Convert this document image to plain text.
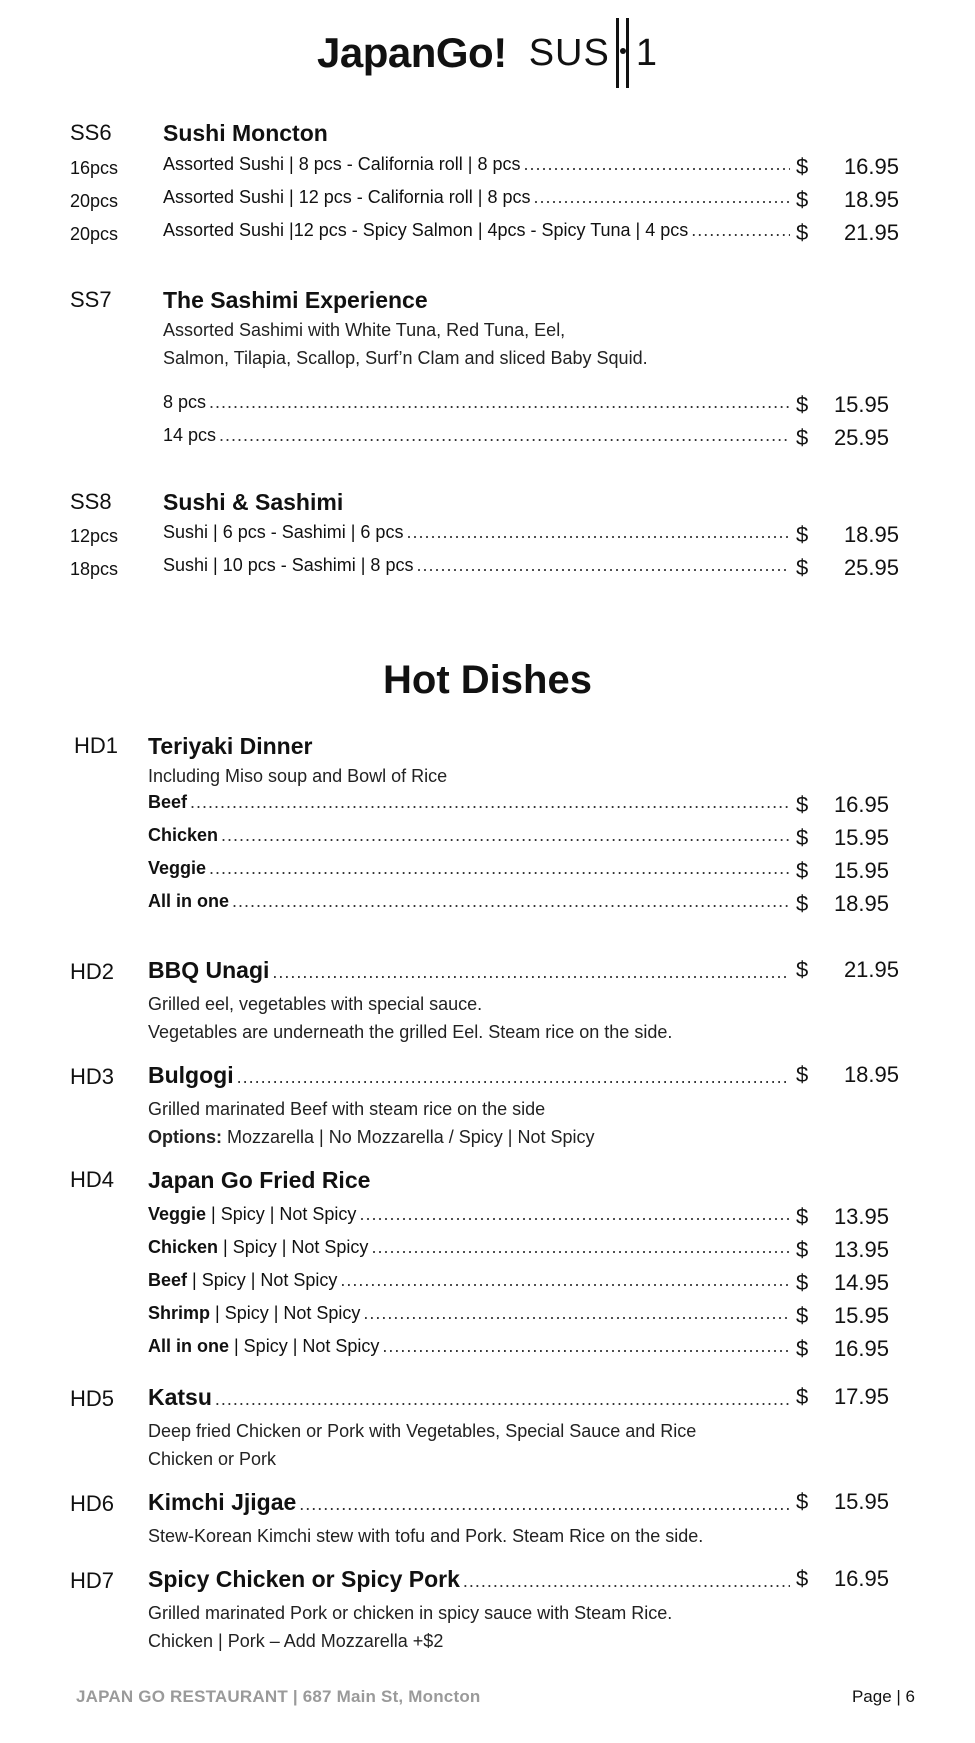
JapanGo! SUS 1
SS6 Sushi Moncton
16pcs Assorted Sushi | 8 pcs - California roll | 8 pcs .....	$	16.95
20pcs Assorted Sushi | 12 pcs - California roll | 8 pcs .....	$	18.95
20pcs Assorted Sushi |12 pcs - Spicy Salmon | 4pcs - Spicy Tuna | 4 pcs .....	$	21.95
SS7 The Sashimi Experience
Assorted Sashimi with White Tuna, Red Tuna, Eel,
Salmon, Tilapia, Scallop, Surf’n Clam and sliced Baby Squid.
8 pcs .....	$	15.95
14 pcs .....	$	25.95
SS8 Sushi & Sashimi
12pcs Sushi | 6 pcs - Sashimi | 6 pcs .....	$	18.95
18pcs Sushi | 10 pcs - Sashimi | 8 pcs .....	$	25.95
Hot Dishes
HD1 Teriyaki Dinner
Including Miso soup and Bowl of Rice
Beef .....	$	16.95
Chicken .....	$	15.95
Veggie .....	$	15.95
All in one .....	$	18.95
HD2 BBQ Unagi .....	$	21.95
Grilled eel, vegetables with special sauce.
Vegetables are underneath the grilled Eel. Steam rice on the side.
HD3 Bulgogi .....	$	18.95
Grilled marinated Beef with steam rice on the side
Options: Mozzarella | No Mozzarella / Spicy | Not Spicy
HD4 Japan Go Fried Rice
Veggie | Spicy | Not Spicy .....	$	13.95
Chicken | Spicy | Not Spicy .....	$	13.95
Beef | Spicy | Not Spicy .....	$	14.95
Shrimp | Spicy | Not Spicy .....	$	15.95
All in one | Spicy | Not Spicy .....	$	16.95
HD5 Katsu .....	$	17.95
Deep fried Chicken or Pork with Vegetables, Special Sauce and Rice
Chicken or Pork
HD6 Kimchi Jjigae .....	$	15.95
Stew-Korean Kimchi stew with tofu and Pork. Steam Rice on the side.
HD7 Spicy Chicken or Spicy Pork .....	$	16.95
Grilled marinated Pork or chicken in spicy sauce with Steam Rice.
Chicken | Pork – Add Mozzarella +$2
JAPAN GO RESTAURANT | 687 Main St, Moncton	Page | 6
